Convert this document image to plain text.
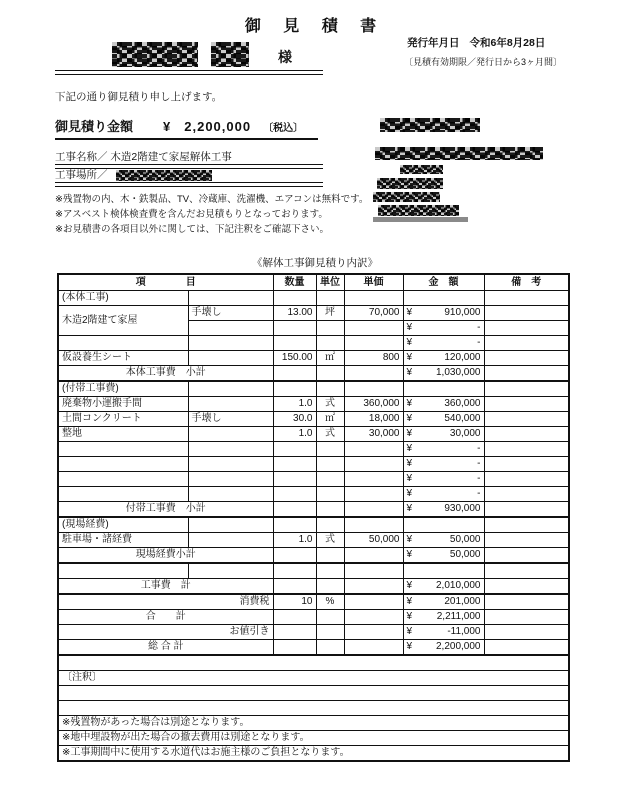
御 見 積 書
発行年月日 令和6年8月28日
〔見積有効期限／発行日から3ヶ月間〕
様
下記の通り御見積り申し上げます。
御見積り金額 ¥ 2,200,000 〔税込〕
工事名称／ 木造2階建て家屋解体工事
工事場所／
※残置物の内、木・鉄製品、TV、冷蔵庫、洗濯機、エアコンは無料です。
※アスベスト検体検査費を含んだお見積もりとなっております。
※お見積書の各項目以外に関しては、下記注釈をご確認下さい。
《解体工事御見積り内訳》
項　　　　目		数量	単位	単価	金　額	備　考
(本体工事)						
木造2階建て家屋	手壊し	13.00	坪	70,000	¥ 910,000	

					¥ -	

					¥ -	

仮設養生シート		150.00	㎡	800	¥ 120,000	

本体工事費　小計					¥ 1,030,000	

(付帯工事費)						
廃棄物小運搬手間		1.0	式	360,000	¥ 360,000	

土間コンクリート	手壊し	30.0	㎡	18,000	¥ 540,000	

整地		1.0	式	30,000	¥ 30,000	

					¥ -	

					¥ -	

					¥ -	

					¥ -	

付帯工事費　小計					¥ 930,000	

(現場経費)						
駐車場・諸経費		1.0	式	50,000	¥ 50,000	

現場経費小計					¥ 50,000	

工事費　計					¥ 2,010,000	

消費税		10	%		¥ 201,000	

合　　計					¥ 2,211,000	

お値引き					¥ -11,000	

総 合 計					¥ 2,200,000	

〔注釈〕						

※残置物があった場合は別途となります。						
※地中埋設物が出た場合の撤去費用は別途となります。						
※工事期間中に使用する水道代はお施主様のご負担となります。						
